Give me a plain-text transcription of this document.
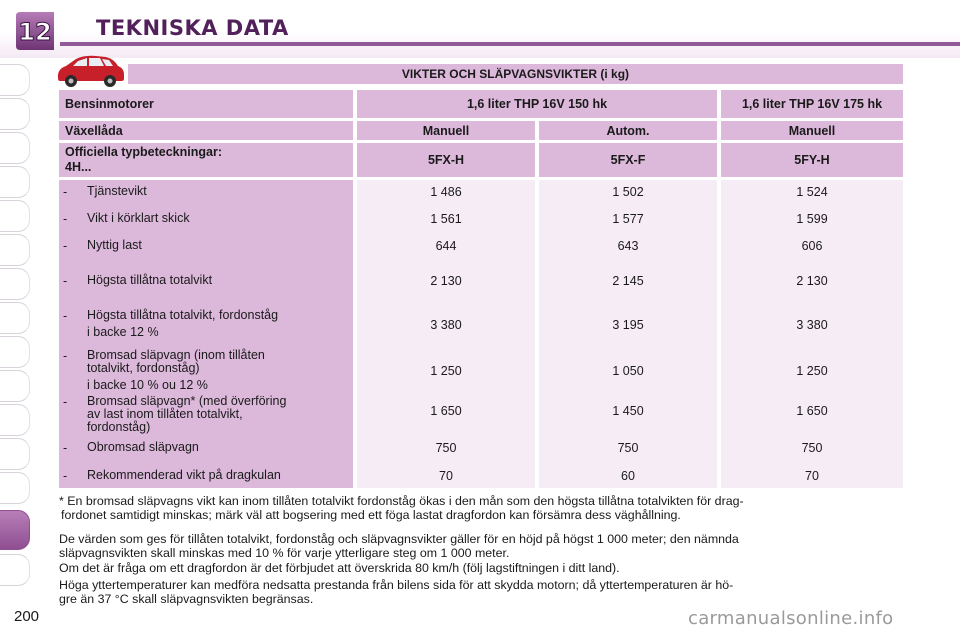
12 TEKNISKA DATA
VIKTER OCH SLÄPVAGNSVIKTER (i kg)
Bensinmotorer	1,6 liter THP 16V 150 hk	1,6 liter THP 16V 175 hk
Växellåda	Manuell	Autom.	Manuell
Officiella typbeteckningar:
4H...	5FX-H	5FX-F	5FY-H
-	Tjänstevikt	1 486	1 502	1 524
-	Vikt i körklart skick	1 561	1 577	1 599
-	Nyttig last	644	643	606
-	Högsta tillåtna totalvikt	2 130	2 145	2 130
-	Högsta tillåtna totalvikt, fordonståg
i backe 12 %	3 380	3 195	3 380
-	Bromsad släpvagn (inom tillåten
totalvikt, fordonståg)
i backe 10 % ou 12 %
1 250	1 050	1 250
-	Bromsad släpvagn* (med överföring
av last inom tillåten totalvikt,
fordonståg)
1 650	1 450	1 650
-	Obromsad släpvagn	750	750	750
-	Rekommenderad vikt på dragkulan	70	60	70
* En bromsad släpvagns vikt kan inom tillåten totalvikt fordonståg ökas i den mån som den högsta tillåtna totalvikten för drag-
fordonet samtidigt minskas; märk väl att bogsering med ett föga lastat dragfordon kan försämra dess väghållning.
De värden som ges för tillåten totalvikt, fordonståg och släpvagnsvikter gäller för en höjd på högst 1 000 meter; den nämnda
släpvagnsvikten skall minskas med 10 % för varje ytterligare steg om 1 000 meter.
Om det är fråga om ett dragfordon är det förbjudet att överskrida 80 km/h (följ lagstiftningen i ditt land).
Höga yttertemperaturer kan medföra nedsatta prestanda från bilens sida för att skydda motorn; då yttertemperaturen är hö-
gre än 37 °C skall släpvagnsvikten begränsas.
200	carmanualsonline.info
